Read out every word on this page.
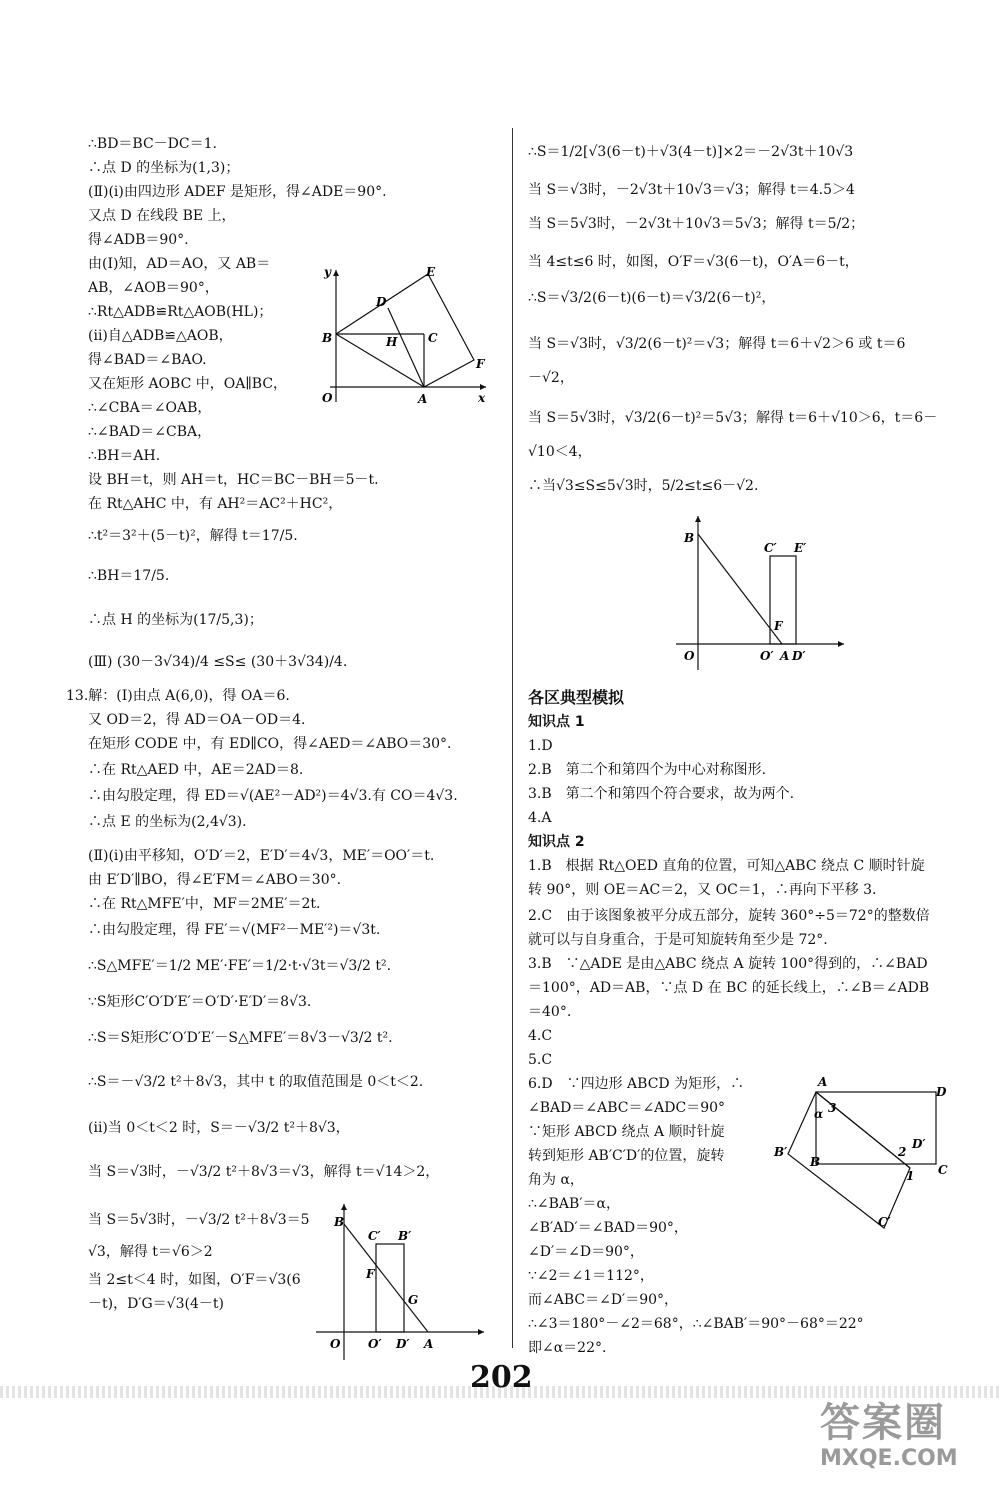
∴BD＝BC－DC＝1.
∴点 D 的坐标为(1,3)；
(Ⅱ)(ⅰ)由四边形 ADEF 是矩形，得∠ADE＝90°.
又点 D 在线段 BE 上，
得∠ADB＝90°.
由(Ⅰ)知，AD＝AO，又 AB＝
AB，∠AOB＝90°，
∴Rt△ADB≌Rt△AOB(HL)；
(ⅱ)自△ADB≌△AOB，
得∠BAD＝∠BAO.
又在矩形 AOBC 中，OA∥BC，
∴∠CBA＝∠OAB，
∴∠BAD＝∠CBA，
∴BH＝AH.
设 BH＝t，则 AH＝t，HC＝BC－BH＝5－t.
在 Rt△AHC 中，有 AH²＝AC²＋HC²，
∴t²＝3²＋(5－t)²，解得 t＝17/5.
∴BH＝17/5.
∴点 H 的坐标为(17/5,3)；
(Ⅲ) (30－3√34)/4 ≤S≤ (30＋3√34)/4.
13.解：(Ⅰ)由点 A(6,0)，得 OA＝6.
又 OD＝2，得 AD＝OA－OD＝4.
在矩形 CODE 中，有 ED∥CO，得∠AED＝∠ABO＝30°.
∴在 Rt△AED 中，AE＝2AD＝8.
∴由勾股定理，得 ED＝√(AE²－AD²)＝4√3.有 CO＝4√3.
∴点 E 的坐标为(2,4√3).
(Ⅱ)(ⅰ)由平移知，O′D′＝2，E′D′＝4√3，ME′＝OO′＝t.
由 E′D′∥BO，得∠E′FM＝∠ABO＝30°.
∴在 Rt△MFE′中，MF＝2ME′＝2t.
∴由勾股定理，得 FE′＝√(MF²－ME′²)＝√3t.
∴S△MFE′＝1/2 ME′·FE′＝1/2·t·√3t＝√3/2 t².
∵S矩形C′O′D′E′＝O′D′·E′D′＝8√3.
∴S＝S矩形C′O′D′E′－S△MFE′＝8√3－√3/2 t².
∴S＝－√3/2 t²＋8√3，其中 t 的取值范围是 0＜t＜2.
(ⅱ)当 0＜t＜2 时，S＝－√3/2 t²＋8√3，
当 S＝√3时，－√3/2 t²＋8√3＝√3，解得 t＝√14＞2，
当 S＝5√3时，－√3/2 t²＋8√3＝5
√3，解得 t＝√6＞2
当 2≤t＜4 时，如图，O′F＝√3(6
－t)，D′G＝√3(4－t)
y
x
O	A
B	C
D
E
F
H
B
C′ B′
F
G
O O′ D′ A
∴S＝1/2[√3(6－t)＋√3(4－t)]×2＝－2√3t＋10√3
当 S＝√3时，－2√3t＋10√3＝√3；解得 t＝4.5＞4
当 S＝5√3时，－2√3t＋10√3＝5√3；解得 t＝5/2；
当 4≤t≤6 时，如图，O′F＝√3(6－t)，O′A＝6－t，
∴S＝√3/2(6－t)(6－t)＝√3/2(6－t)²，
当 S＝√3时，√3/2(6－t)²＝√3；解得 t＝6＋√2＞6 或 t＝6
－√2，
当 S＝5√3时，√3/2(6－t)²＝5√3；解得 t＝6＋√10＞6，t＝6－
√10＜4，
∴当√3≤S≤5√3时，5/2≤t≤6－√2.
各区典型模拟
知识点 1
1.D
2.B　第二个和第四个为中心对称图形.
3.B　第二个和第四个符合要求，故为两个.
4.A
知识点 2
1.B　根据 Rt△OED 直角的位置，可知△ABC 绕点 C 顺时针旋
转 90°，则 OE＝AC＝2，又 OC＝1，∴再向下平移 3.
2.C　由于该图象被平分成五部分，旋转 360°÷5＝72°的整数倍
就可以与自身重合，于是可知旋转角至少是 72°.
3.B　∵△ADE 是由△ABC 绕点 A 旋转 100°得到的，∴∠BAD
＝100°，AD＝AB，∵点 D 在 BC 的延长线上，∴∠B＝∠ADB
＝40°.
4.C
5.C
6.D　∵四边形 ABCD 为矩形，∴
∠BAD＝∠ABC＝∠ADC＝90°
∵矩形 ABCD 绕点 A 顺时针旋
转到矩形 AB′C′D′的位置，旋转
角为 α，
∴∠BAB′＝α，
∠B′AD′＝∠BAD＝90°，
∠D′＝∠D＝90°，
∵∠2＝∠1＝112°，
而∠ABC＝∠D′＝90°，
∴∠3＝180°－∠2＝68°，∴∠BAB′＝90°－68°＝22°
即∠α＝22°.
B
C′ E′
F
O	O′ A D′
A
D
B
C
B′
D′
C′
α
1
2
3
202
答案圈
MXQE.COM
